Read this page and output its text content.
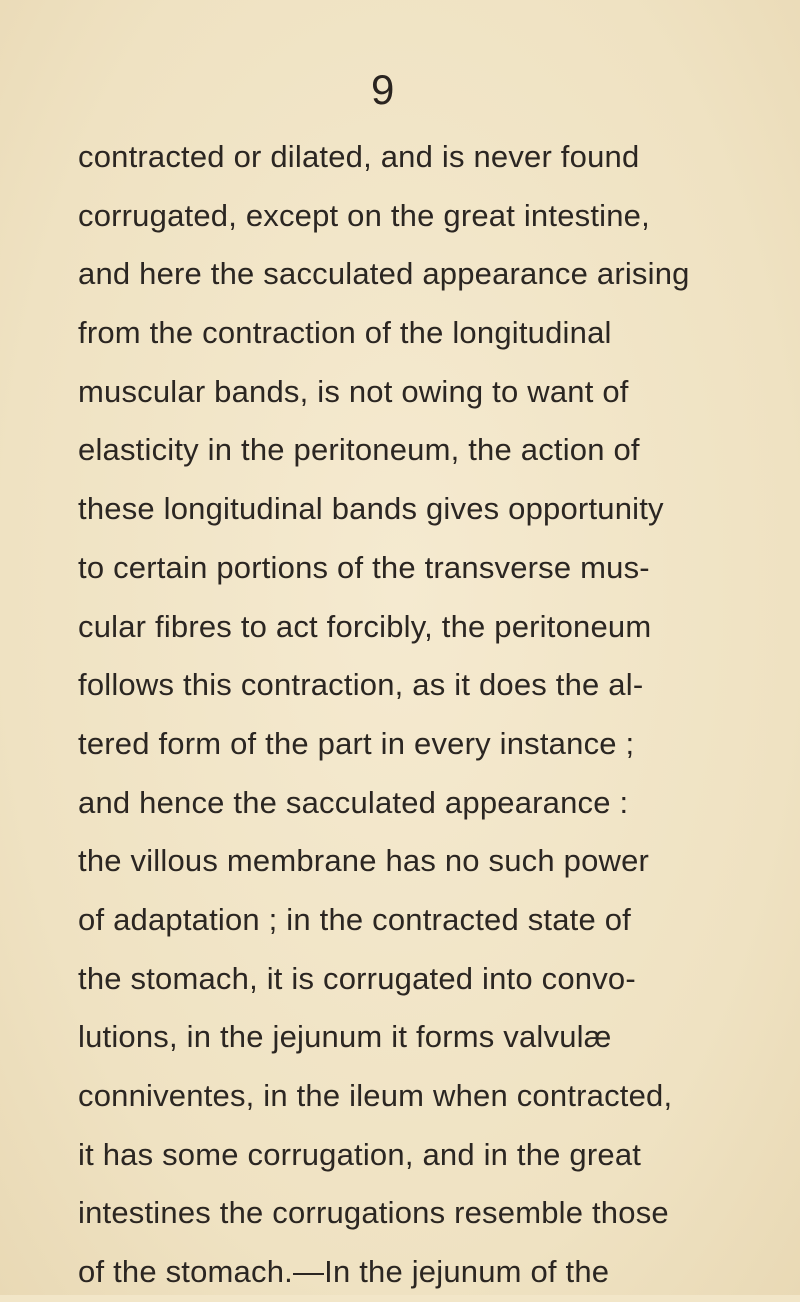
9
contracted or dilated, and is never found
corrugated, except on the great intestine,
and here the sacculated appearance arising
from the contraction of the longitudinal
muscular bands, is not owing to want of
elasticity in the peritoneum, the action of
these longitudinal bands gives opportunity
to certain portions of the transverse mus-
cular fibres to act forcibly, the peritoneum
follows this contraction, as it does the al-
tered form of the part in every instance ;
and hence the sacculated appearance :
the villous membrane has no such power
of adaptation ; in the contracted state of
the stomach, it is corrugated into convo-
lutions, in the jejunum it forms valvulæ
conniventes, in the ileum when contracted,
it has some corrugation, and in the great
intestines the corrugations resemble those
of the stomach.—In the jejunum of the
